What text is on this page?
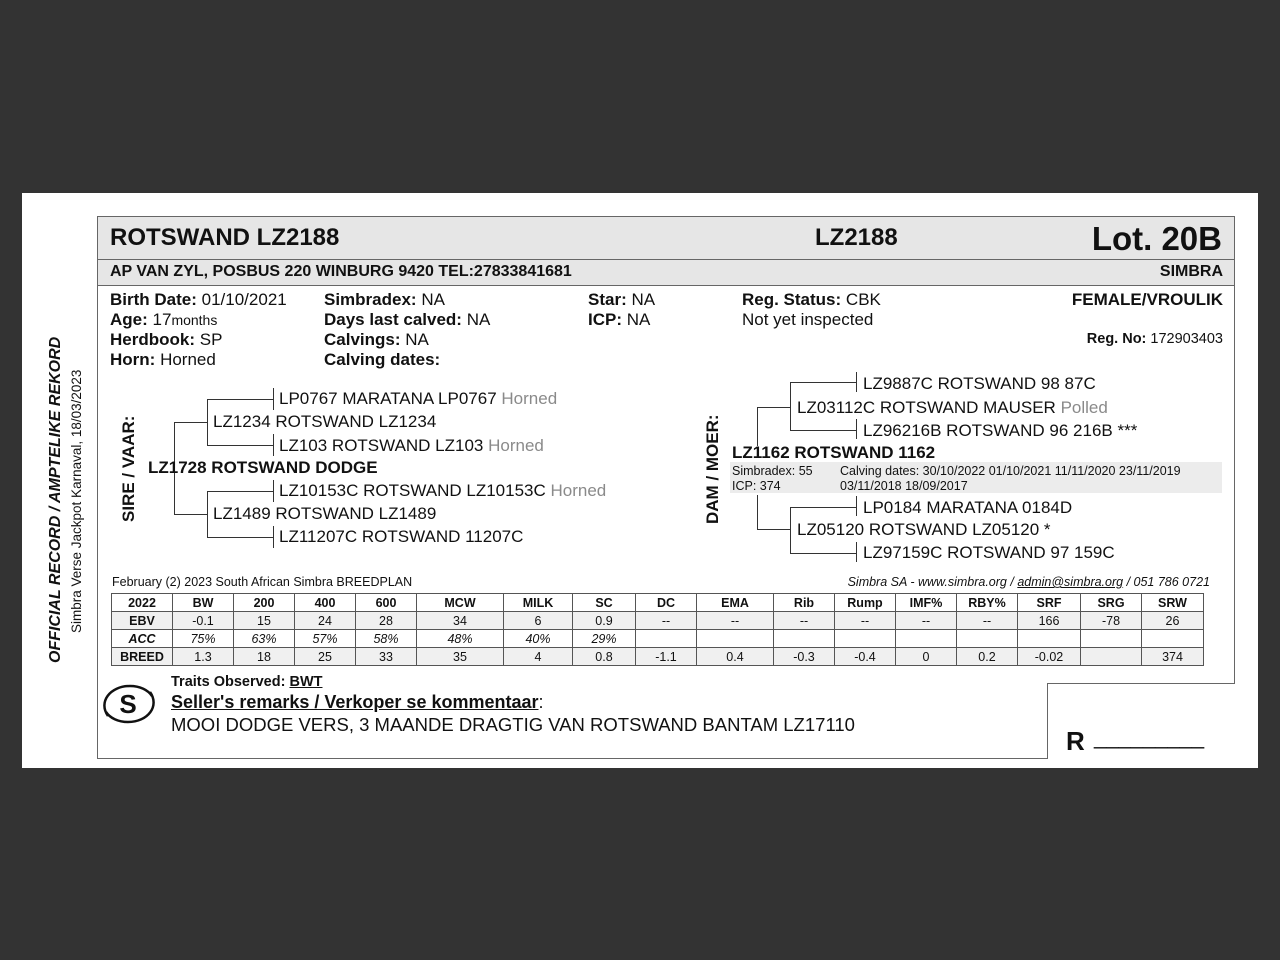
OFFICIAL RECORD / AMPTELIKE REKORD Simbra Verse Jackpot Karnaval, 18/03/2023
ROTSWAND LZ2188	LZ2188	Lot. 20B
AP VAN ZYL, POSBUS 220 WINBURG 9420 TEL:27833841681	SIMBRA
Birth Date: 01/10/2021
Age: 17months
Herdbook: SP
Horn: Horned
Simbradex: NA
Days last calved: NA
Calvings: NA
Calving dates:
Star: NA
ICP: NA
Reg. Status: CBK
Not yet inspected
FEMALE/VROULIK
Reg. No: 172903403
SIRE / VAAR:	DAM / MOER:
LP0767 MARATANA LP0767 Horned
LZ1234 ROTSWAND LZ1234
LZ103 ROTSWAND LZ103 Horned
LZ1728 ROTSWAND DODGE
LZ10153C ROTSWAND LZ10153C Horned
LZ1489 ROTSWAND LZ1489
LZ11207C ROTSWAND 11207C
LZ9887C ROTSWAND 98 87C
LZ03112C ROTSWAND MAUSER Polled
LZ96216B ROTSWAND 96 216B ***
LZ1162 ROTSWAND 1162
Simbradex: 55
ICP: 374
Calving dates: 30/10/2022 01/10/2021 11/11/2020 23/11/2019
03/11/2018 18/09/2017
LP0184 MARATANA 0184D
LZ05120 ROTSWAND LZ05120 *
LZ97159C ROTSWAND 97 159C
February (2) 2023 South African Simbra BREEDPLAN	Simbra SA - www.simbra.org / admin@simbra.org / 051 786 0721
2022	BW	200	400	600	MCW	MILK	SC	DC	EMA	Rib	Rump	IMF%	RBY%	SRF	SRG	SRW
EBV	-0.1	15	24	28	34	6	0.9	--	--	--	--	--	--	166	-78	26
ACC	75%	63%	57%	58%	48%	40%	29%									
BREED	1.3	18	25	33	35	4	0.8	-1.1	0.4	-0.3	-0.4	0	0.2	-0.02		374
S
Traits Observed: BWT
Seller's remarks / Verkoper se kommentaar:
MOOI DODGE VERS, 3 MAANDE DRAGTIG VAN ROTSWAND BANTAM LZ17110
R _________
